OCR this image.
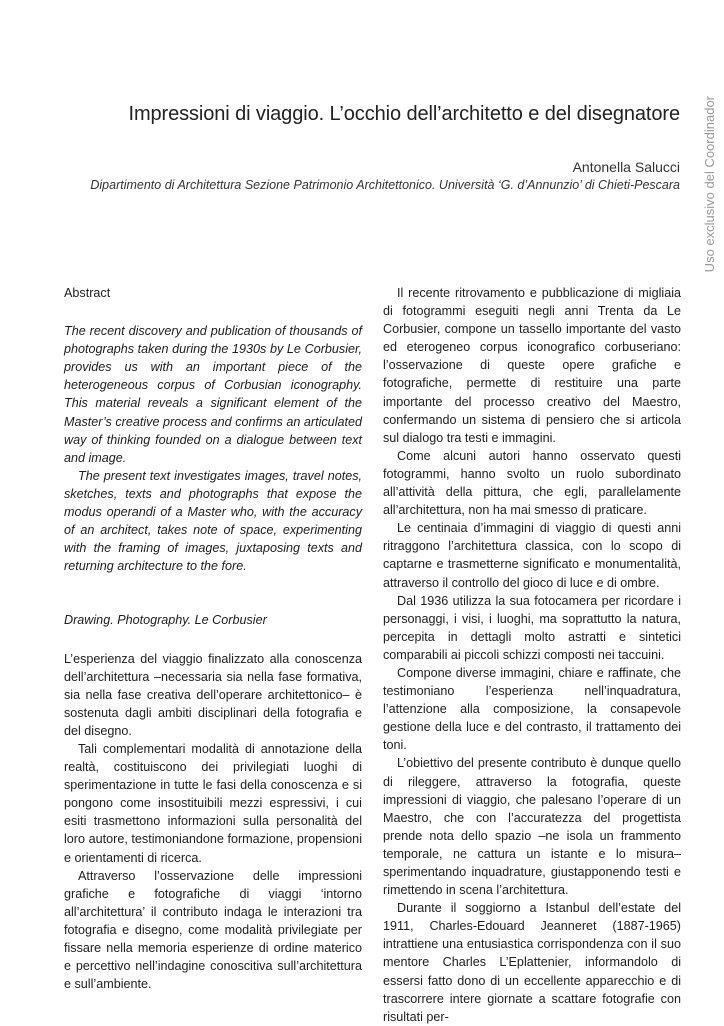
Uso exclusivo del Coordinador
Impressioni di viaggio. L’occhio dell’architetto e del disegnatore
Antonella Salucci
Dipartimento di Architettura Sezione Patrimonio Architettonico. Università ‘G. d’Annunzio’ di Chieti-Pescara
Abstract

The recent discovery and publication of thousands of photographs taken during the 1930s by Le Corbusier, provides us with an important piece of the heterogeneous corpus of Corbusian iconography. This material reveals a significant element of the Master’s creative process and confirms an articulated way of thinking founded on a dialogue between text and image.

The present text investigates images, travel notes, sketches, texts and photographs that expose the modus operandi of a Master who, with the accuracy of an architect, takes note of space, experimenting with the framing of images, juxtaposing texts and returning architecture to the fore.

Drawing. Photography. Le Corbusier

L’esperienza del viaggio finalizzato alla conoscenza dell’architettura –necessaria sia nella fase formativa, sia nella fase creativa dell’operare architettonico– è sostenuta dagli ambiti disciplinari della fotografia e del disegno.

Tali complementari modalità di annotazione della realtà, costituiscono dei privilegiati luoghi di sperimentazione in tutte le fasi della conoscenza e si pongono come insostituibili mezzi espressivi, i cui esiti trasmettono informazioni sulla personalità del loro autore, testimoniandone formazione, propensioni e orientamenti di ricerca.

Attraverso l’osservazione delle impressioni grafiche e fotografiche di viaggi ‘intorno all’architettura’ il contributo indaga le interazioni tra fotografia e disegno, come modalità privilegiate per fissare nella memoria esperienze di ordine materico e percettivo nell’indagine conoscitiva sull’architettura e sull’ambiente.

Il recente ritrovamento e pubblicazione di migliaia di fotogrammi eseguiti negli anni Trenta da Le Corbusier, compone un tassello importante del vasto ed eterogeneo corpus iconografico corbuseriano: l’osservazione di queste opere grafiche e fotografiche, permette di restituire una parte importante del processo creativo del Maestro, confermando un sistema di pensiero che si articola sul dialogo tra testi e immagini.

Come alcuni autori hanno osservato questi fotogrammi, hanno svolto un ruolo subordinato all’attività della pittura, che egli, parallelamente all’architettura, non ha mai smesso di praticare.

Le centinaia d’immagini di viaggio di questi anni ritraggono l’architettura classica, con lo scopo di captarne e trasmetterne significato e monumentalità, attraverso il controllo del gioco di luce e di ombre.

Dal 1936 utilizza la sua fotocamera per ricordare i personaggi, i visi, i luoghi, ma soprattutto la natura, percepita in dettagli molto astratti e sintetici comparabili ai piccoli schizzi composti nei taccuini.

Compone diverse immagini, chiare e raffinate, che testimoniano l’esperienza nell’inquadratura, l’attenzione alla composizione, la consapevole gestione della luce e del contrasto, il trattamento dei toni.

L’obiettivo del presente contributo è dunque quello di rileggere, attraverso la fotografia, queste impressioni di viaggio, che palesano l’operare di un Maestro, che con l’accuratezza del progettista prende nota dello spazio –ne isola un frammento temporale, ne cattura un istante e lo misura– sperimentando inquadrature, giustapponendo testi e rimettendo in scena l’architettura.

Durante il soggiorno a Istanbul dell’estate del 1911, Charles-Edouard Jeanneret (1887-1965) intrattiene una entusiastica corrispondenza con il suo mentore Charles L’Eplattenier, informandolo di essersi fatto dono di un eccellente apparecchio e di trascorrere intere giornate a scattare fotografie con risultati per-
